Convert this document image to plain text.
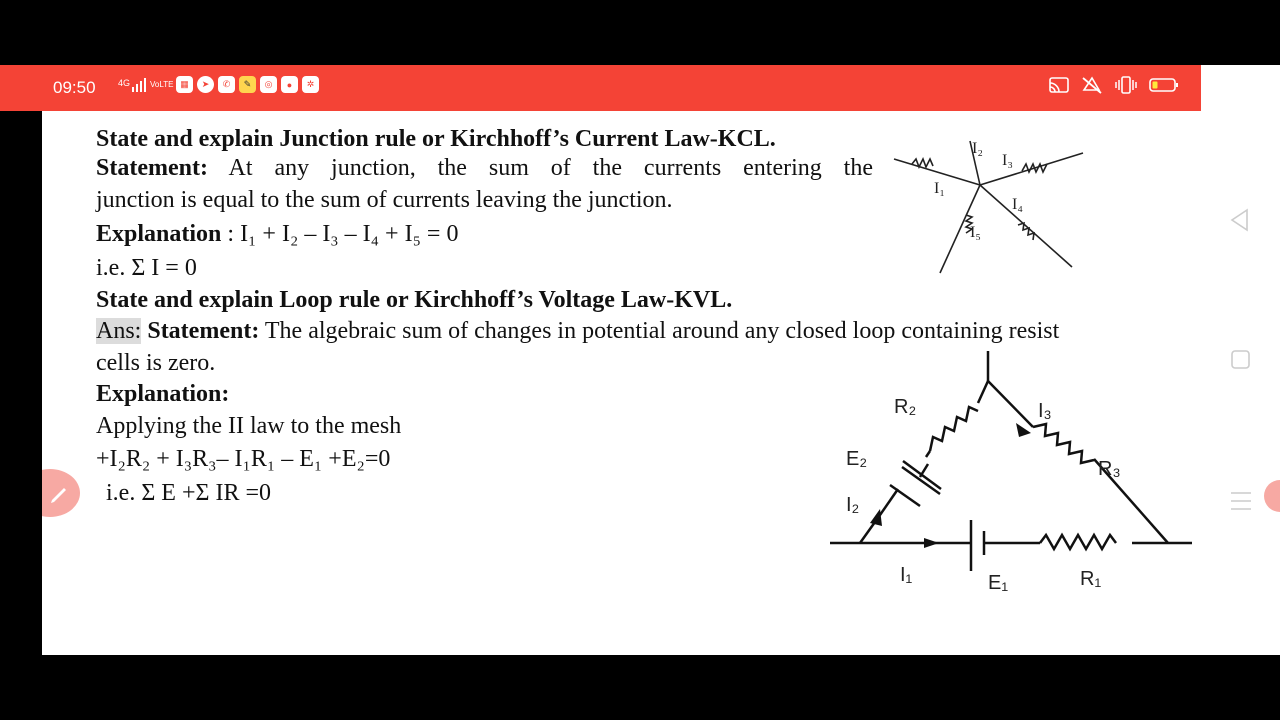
09:50 4G	VoLTE ▦	➤	✆	✎	◎	●	✲
State and explain Junction rule or Kirchhoff’s Current Law-KCL.
Statement: At any junction, the sum of the currents entering the
junction is equal to the sum of currents leaving the junction.
Explanation : I₁ + I₂ – I₃ – I₄ + I₅ = 0
i.e. Σ I = 0
State and explain Loop rule or Kirchhoff’s Voltage Law-KVL.
Ans: Statement: The algebraic sum of changes in potential around any closed loop containing resist
cells is zero.
Explanation:
Applying the II law to the mesh
+I₂R₂ + I₃R₃– I₁R₁ – E₁ +E₂=0
i.e. Σ E +Σ IR =0
I₁
I₂
I₃
I₄
I₅
R₂	I₃
E₂	R₃
I₂
I₁	E₁	R₁
